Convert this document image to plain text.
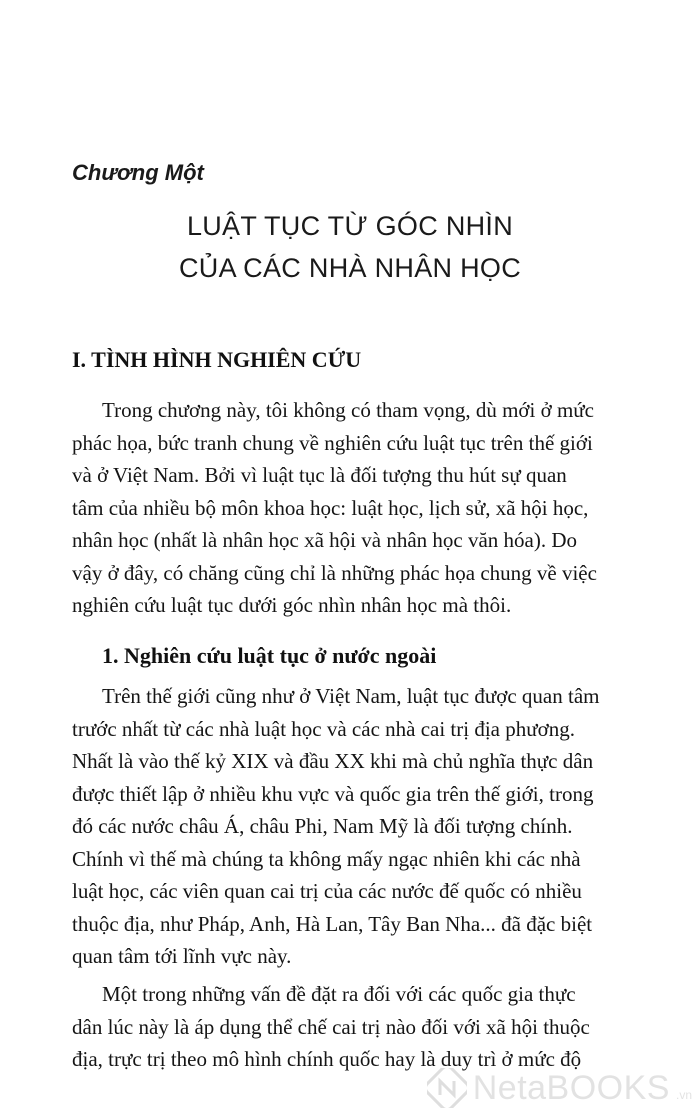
Chương Một
LUẬT TỤC TỪ GÓC NHÌN
CỦA CÁC NHÀ NHÂN HỌC
I. TÌNH HÌNH NGHIÊN CỨU
Trong chương này, tôi không có tham vọng, dù mới ở mức
phác họa, bức tranh chung về nghiên cứu luật tục trên thế giới
và ở Việt Nam. Bởi vì luật tục là đối tượng thu hút sự quan
tâm của nhiều bộ môn khoa học: luật học, lịch sử, xã hội học,
nhân học (nhất là nhân học xã hội và nhân học văn hóa). Do
vậy ở đây, có chăng cũng chỉ là những phác họa chung về việc
nghiên cứu luật tục dưới góc nhìn nhân học mà thôi.
1. Nghiên cứu luật tục ở nước ngoài
Trên thế giới cũng như ở Việt Nam, luật tục được quan tâm
trước nhất từ các nhà luật học và các nhà cai trị địa phương.
Nhất là vào thế kỷ XIX và đầu XX khi mà chủ nghĩa thực dân
được thiết lập ở nhiều khu vực và quốc gia trên thế giới, trong
đó các nước châu Á, châu Phi, Nam Mỹ là đối tượng chính.
Chính vì thế mà chúng ta không mấy ngạc nhiên khi các nhà
luật học, các viên quan cai trị của các nước đế quốc có nhiều
thuộc địa, như Pháp, Anh, Hà Lan, Tây Ban Nha... đã đặc biệt
quan tâm tới lĩnh vực này.
Một trong những vấn đề đặt ra đối với các quốc gia thực
dân lúc này là áp dụng thể chế cai trị nào đối với xã hội thuộc
địa, trực trị theo mô hình chính quốc hay là duy trì ở mức độ
NetaBOOKS .vn
